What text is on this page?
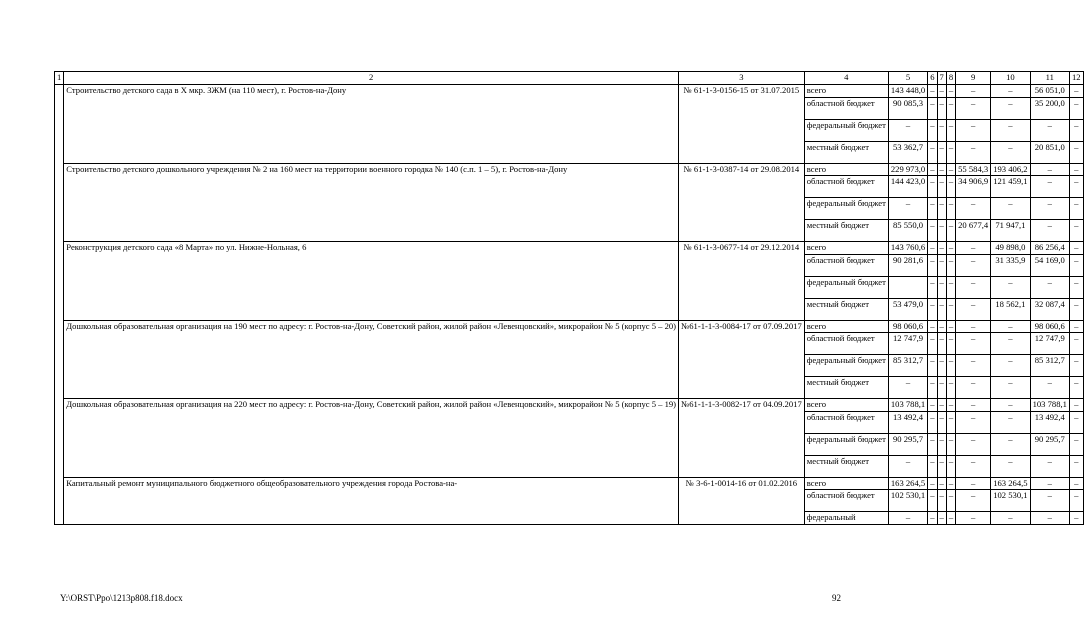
1	2	3	4	5	6	7	8	9	10	11	12
	Строительство детского сада в Х мкр. ЗЖМ (на 110 мест), г. Ростов-на-Дону	№ 61-1-3-0156-15 от 31.07.2015	всего	143 448,0	–	–	–	–	–	56 051,0	–
			областной бюджет	90 085,3	–	–	–	–	–	35 200,0	–
			федеральный бюджет	–	–	–	–	–	–	–	–
			местный бюджет	53 362,7	–	–	–	–	–	20 851,0	–
	Строительство детского дошкольного учреждения № 2 на 160 мест на территории военного городка № 140 (с.п. 1 – 5), г. Ростов-на-Дону	№ 61-1-3-0387-14 от 29.08.2014	всего	229 973,0	–	–	–	55 584,3	193 406,2	–	–
			областной бюджет	144 423,0	–	–	–	34 906,9	121 459,1	–	–
			федеральный бюджет	–	–	–	–	–	–	–	–
			местный бюджет	85 550,0	–	–	–	20 677,4	71 947,1	–	–
	Реконструкция детского сада «8 Марта» по ул. Нижне-Нольная, 6	№ 61-1-3-0677-14 от 29.12.2014	всего	143 760,6	–	–	–	–	49 898,0	86 256,4	–
			областной бюджет	90 281,6	–	–	–	–	31 335,9	54 169,0	–
			федеральный бюджет		–	–	–	–	–	–	–
			местный бюджет	53 479,0	–	–	–	–	18 562,1	32 087,4	–
	Дошкольная образовательная организация на 190 мест по адресу: г. Ростов-на-Дону, Советский район, жилой район «Левенцовский», микрорайон № 5 (корпус 5 – 20)	№61-1-1-3-0084-17 от 07.09.2017	всего	98 060,6	–	–	–	–	–	98 060,6	–
			областной бюджет	12 747,9	–	–	–	–	–	12 747,9	–
			федеральный бюджет	85 312,7	–	–	–	–	–	85 312,7	–
			местный бюджет	–	–	–	–	–	–	–	–
	Дошкольная образовательная организация на 220 мест по адресу: г. Ростов-на-Дону, Советский район, жилой район «Левенцовский», микрорайон № 5 (корпус 5 – 19)	№61-1-1-3-0082-17 от 04.09.2017	всего	103 788,1	–	–	–	–	–	103 788,1	–
			областной бюджет	13 492,4	–	–	–	–	–	13 492,4	–
			федеральный бюджет	90 295,7	–	–	–	–	–	90 295,7	–
			местный бюджет	–	–	–	–	–	–	–	–
	Капитальный ремонт муниципального бюджетного общеобразовательного учреждения города Ростова-на-	№ 3-6-1-0014-16 от 01.02.2016	всего	163 264,5	–	–	–	–	163 264,5	–	–
			областной бюджет	102 530,1	–	–	–	–	102 530,1	–	–
			федеральный	–	–	–	–	–	–	–	–
Y:\ORST\Ppo\1213p808.f18.docx	92
